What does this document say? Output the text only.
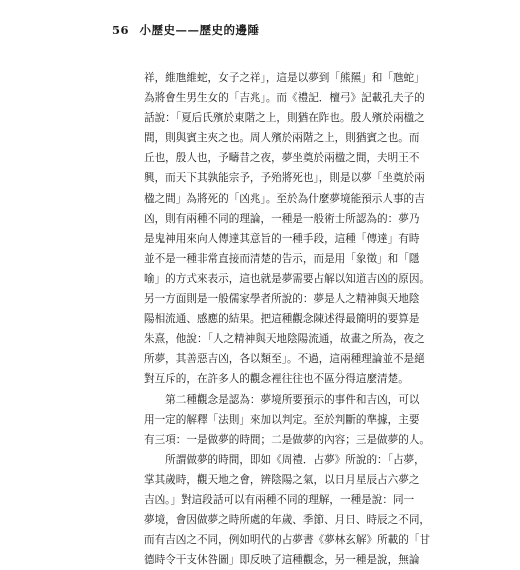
56 小歷史——歷史的邊陲
祥，維虺維蛇，女子之祥」，這是以夢到「熊羆」和「虺蛇」
為將會生男生女的「吉兆」。而《禮記．檀弓》記載孔夫子的
話說：「夏后氏殯於東階之上，則猶在阼也。殷人殯於兩楹之
間，則與賓主夾之也。周人殯於兩階之上，則猶賓之也。而
丘也，殷人也，予疇昔之夜，夢坐奠於兩楹之間，夫明王不
興，而天下其孰能宗予，予殆將死也」，則是以夢「坐奠於兩
楹之間」為將死的「凶兆」。至於為什麼夢境能預示人事的吉
凶，則有兩種不同的理論，一種是一般術士所認為的：夢乃
是鬼神用來向人傳達其意旨的一種手段，這種「傳達」有時
並不是一種非常直接而清楚的告示，而是用「象徵」和「隱
喻」的方式來表示，這也就是夢需要占解以知道吉凶的原因。
另一方面則是一般儒家學者所說的：夢是人之精神與天地陰
陽相流通、感應的結果。把這種觀念陳述得最簡明的要算是
朱熹，他說：「人之精神與天地陰陽流通，故畫之所為，夜之
所夢，其善惡吉凶，各以類至」。不過，這兩種理論並不是絕
對互斥的，在許多人的觀念裡往往也不區分得這麼清楚。
　　第二種觀念是認為：夢境所要預示的事件和吉凶，可以
用一定的解釋「法則」來加以判定。至於判斷的準據，主要
有三項：一是做夢的時間；二是做夢的內容；三是做夢的人。
　　所謂做夢的時間，即如《周禮．占夢》所說的：「占夢，
掌其歲時，觀天地之會，辨陰陽之氣，以日月星辰占六夢之
吉凶。」對這段話可以有兩種不同的理解，一種是說：同一
夢境，會因做夢之時所處的年歲、季節、月日、時辰之不同，
而有吉凶之不同，例如明代的占夢書《夢林玄解》所載的「甘
德時令干支休咎圖」即反映了這種觀念，另一種是說，無論
